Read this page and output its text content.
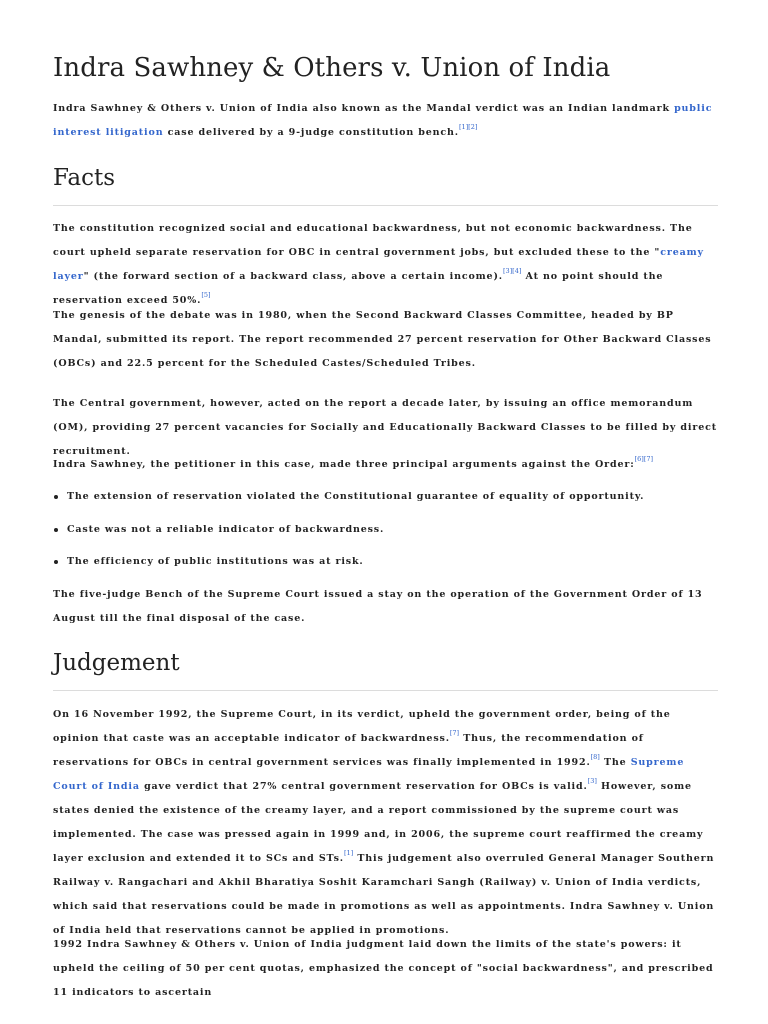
Indra Sawhney & Others v. Union of India

Indra Sawhney & Others v. Union of India also known as the Mandal verdict was an Indian landmark public interest litigation case delivered by a 9-judge constitution bench.[1][2]

Facts

The constitution recognized social and educational backwardness, but not economic backwardness. The court upheld separate reservation for OBC in central government jobs, but excluded these to the "creamy layer" (the forward section of a backward class, above a certain income).[3][4] At no point should the reservation exceed 50%.[5]

The genesis of the debate was in 1980, when the Second Backward Classes Committee, headed by BP Mandal, submitted its report. The report recommended 27 percent reservation for Other Backward Classes (OBCs) and 22.5 percent for the Scheduled Castes/Scheduled Tribes.

The Central government, however, acted on the report a decade later, by issuing an office memorandum (OM), providing 27 percent vacancies for Socially and Educationally Backward Classes to be filled by direct recruitment.

Indra Sawhney, the petitioner in this case, made three principal arguments against the Order:[6][7]

The extension of reservation violated the Constitutional guarantee of equality of opportunity.
Caste was not a reliable indicator of backwardness.
The efficiency of public institutions was at risk.

The five-judge Bench of the Supreme Court issued a stay on the operation of the Government Order of 13 August till the final disposal of the case.

Judgement

On 16 November 1992, the Supreme Court, in its verdict, upheld the government order, being of the opinion that caste was an acceptable indicator of backwardness.[7] Thus, the recommendation of reservations for OBCs in central government services was finally implemented in 1992.[8] The Supreme Court of India gave verdict that 27% central government reservation for OBCs is valid.[3] However, some states denied the existence of the creamy layer, and a report commissioned by the supreme court was implemented. The case was pressed again in 1999 and, in 2006, the supreme court reaffirmed the creamy layer exclusion and extended it to SCs and STs.[1] This judgement also overruled General Manager Southern Railway v. Rangachari and Akhil Bharatiya Soshit Karamchari Sangh (Railway) v. Union of India verdicts, which said that reservations could be made in promotions as well as appointments. Indra Sawhney v. Union of India held that reservations cannot be applied in promotions.

1992 Indra Sawhney & Others v. Union of India judgment laid down the limits of the state's powers: it upheld the ceiling of 50 per cent quotas, emphasized the concept of "social backwardness", and prescribed 11 indicators to ascertain
